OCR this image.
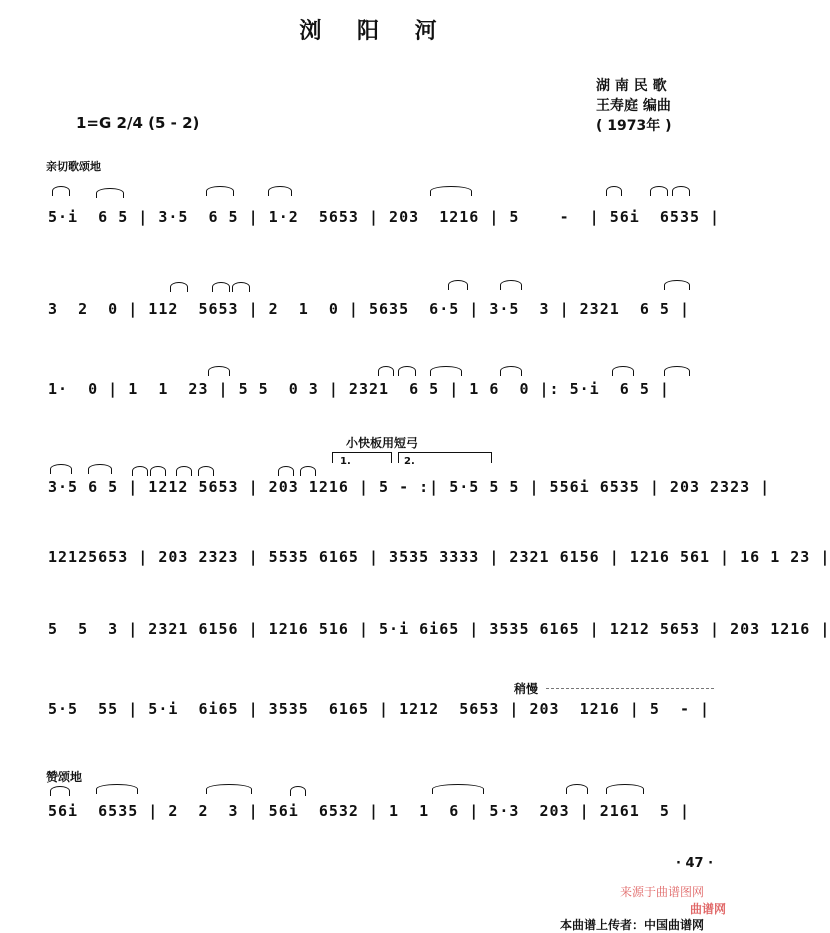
浏 阳 河
湖 南 民 歌
王寿庭 编曲
( 1973年 )
1=G 2/4 (5 - 2)
亲切歌颂地
小快板用短弓
1.	2.
稍慢
赞颂地
5·i  6 5 | 3·5  6 5 | 1·2  5653 | 203  1216 | 5    -  | 56i  6535 |
3  2  0 | 112  5653 | 2  1  0 | 5635  6·5 | 3·5  3 | 2321  6 5 |
1·  0 | 1  1  23 | 5 5  0 3 | 2321  6 5 | 1 6  0 |: 5·i  6 5 |
3·5 6 5 | 1212 5653 | 203 1216 | 5 - :| 5·5 5 5 | 556i 6535 | 203 2323 |
12125653 | 203 2323 | 5535 6165 | 3535 3333 | 2321 6156 | 1216 561 | 16 1 23 |
5  5  3 | 2321 6156 | 1216 516 | 5·i 6i65 | 3535 6165 | 1212 5653 | 203 1216 |
5·5  55 | 5·i  6i65 | 3535  6165 | 1212  5653 | 203  1216 | 5  - |
56i  6535 | 2  2  3 | 56i  6532 | 1  1  6 | 5·3  203 | 2161  5 |
· 47 ·
来源于曲谱图网
曲谱网
本曲谱上传者：中国曲谱网
